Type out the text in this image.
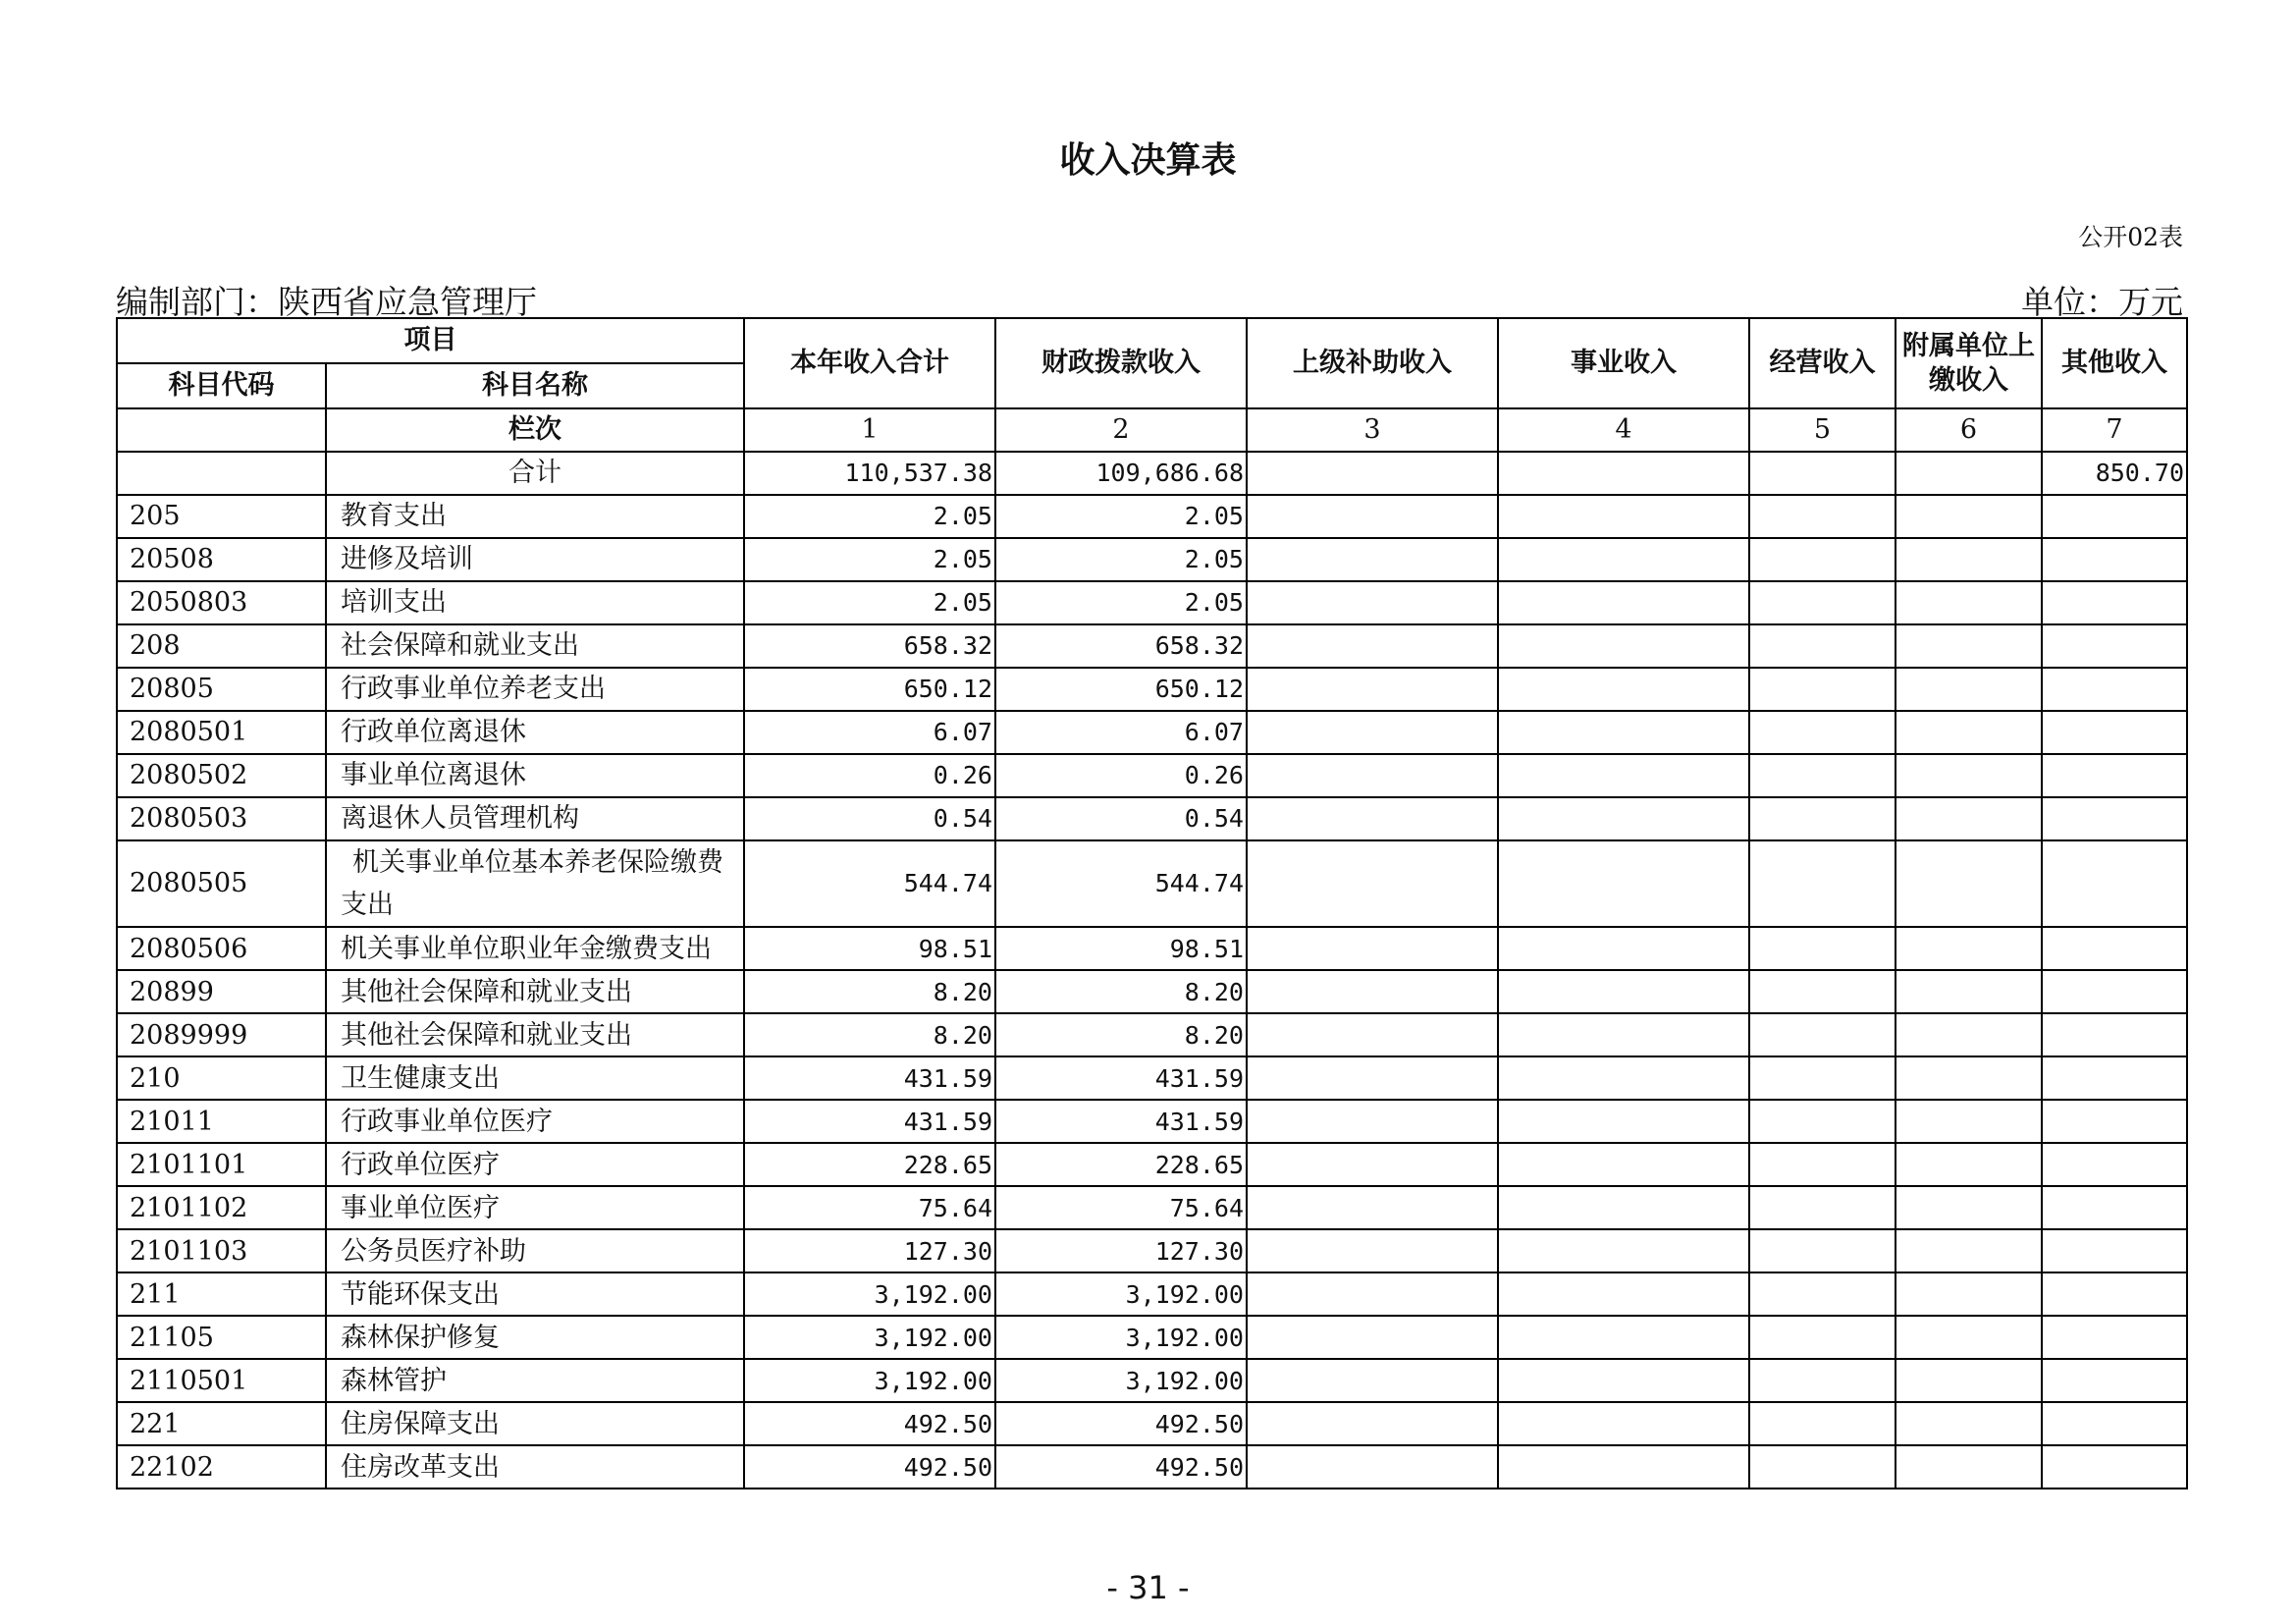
收入决算表
公开02表
编制部门：陕西省应急管理厅	单位：万元
项目		本年收入合计	财政拨款收入	上级补助收入	事业收入	经营收入	附属单位上缴收入	其他收入
科目代码	科目名称							
	栏次	1	2	3	4	5	6	7
	合计	110,537.38	109,686.68					850.70
205	教育支出	2.05	2.05					
20508	进修及培训	2.05	2.05					
2050803	培训支出	2.05	2.05					
208	社会保障和就业支出	658.32	658.32					
20805	行政事业单位养老支出	650.12	650.12					
2080501	行政单位离退休	6.07	6.07					
2080502	事业单位离退休	0.26	0.26					
2080503	离退休人员管理机构	0.54	0.54					
2080505	机关事业单位基本养老保险缴费支出	544.74	544.74					
2080506	机关事业单位职业年金缴费支出	98.51	98.51					
20899	其他社会保障和就业支出	8.20	8.20					
2089999	其他社会保障和就业支出	8.20	8.20					
210	卫生健康支出	431.59	431.59					
21011	行政事业单位医疗	431.59	431.59					
2101101	行政单位医疗	228.65	228.65					
2101102	事业单位医疗	75.64	75.64					
2101103	公务员医疗补助	127.30	127.30					
211	节能环保支出	3,192.00	3,192.00					
21105	森林保护修复	3,192.00	3,192.00					
2110501	森林管护	3,192.00	3,192.00					
221	住房保障支出	492.50	492.50					
22102	住房改革支出	492.50	492.50					
- 31 -
